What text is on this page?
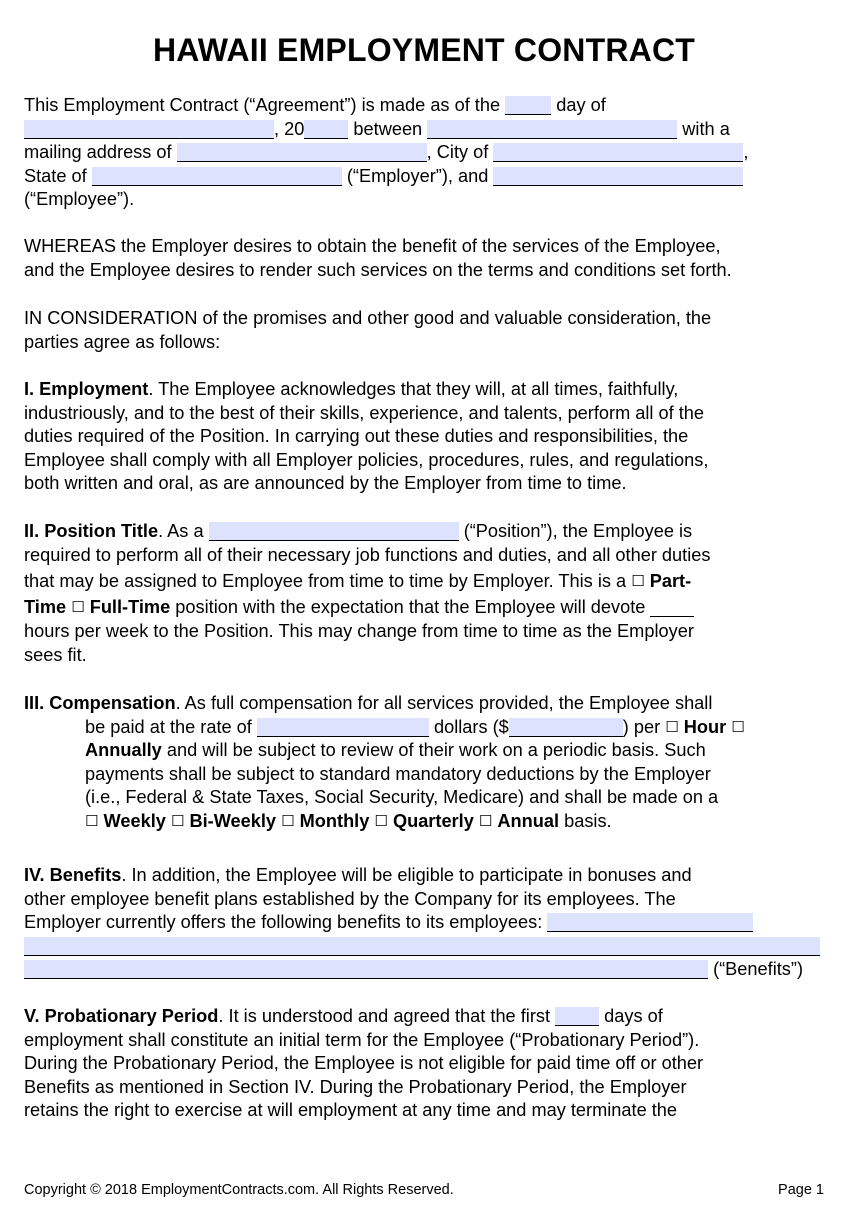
HAWAII EMPLOYMENT CONTRACT
This Employment Contract (“Agreement”) is made as of the	day of
, 20	between	with a
mailing address of	, City of	,
State of	(“Employer”), and
(“Employee”).
WHEREAS the Employer desires to obtain the benefit of the services of the Employee,
and the Employee desires to render such services on the terms and conditions set forth.
IN CONSIDERATION of the promises and other good and valuable consideration, the
parties agree as follows:
I. Employment. The Employee acknowledges that they will, at all times, faithfully,
industriously, and to the best of their skills, experience, and talents, perform all of the
duties required of the Position. In carrying out these duties and responsibilities, the
Employee shall comply with all Employer policies, procedures, rules, and regulations,
both written and oral, as are announced by the Employer from time to time.
II. Position Title. As a	(“Position”), the Employee is
required to perform all of their necessary job functions and duties, and all other duties
that may be assigned to Employee from time to time by Employer. This is a ☐ Part-
Time ☐ Full-Time position with the expectation that the Employee will devote
hours per week to the Position. This may change from time to time as the Employer
sees fit.
III. Compensation. As full compensation for all services provided, the Employee shall
be paid at the rate of	dollars ($	) per ☐ Hour ☐
Annually and will be subject to review of their work on a periodic basis. Such
payments shall be subject to standard mandatory deductions by the Employer
(i.e., Federal & State Taxes, Social Security, Medicare) and shall be made on a
☐ Weekly ☐ Bi-Weekly ☐ Monthly ☐ Quarterly ☐ Annual basis.
IV. Benefits. In addition, the Employee will be eligible to participate in bonuses and
other employee benefit plans established by the Company for its employees. The
Employer currently offers the following benefits to its employees:
(“Benefits”)
V. Probationary Period. It is understood and agreed that the first	days of
employment shall constitute an initial term for the Employee (“Probationary Period”).
During the Probationary Period, the Employee is not eligible for paid time off or other
Benefits as mentioned in Section IV. During the Probationary Period, the Employer
retains the right to exercise at will employment at any time and may terminate the
Copyright © 2018 EmploymentContracts.com. All Rights Reserved.	Page 1
